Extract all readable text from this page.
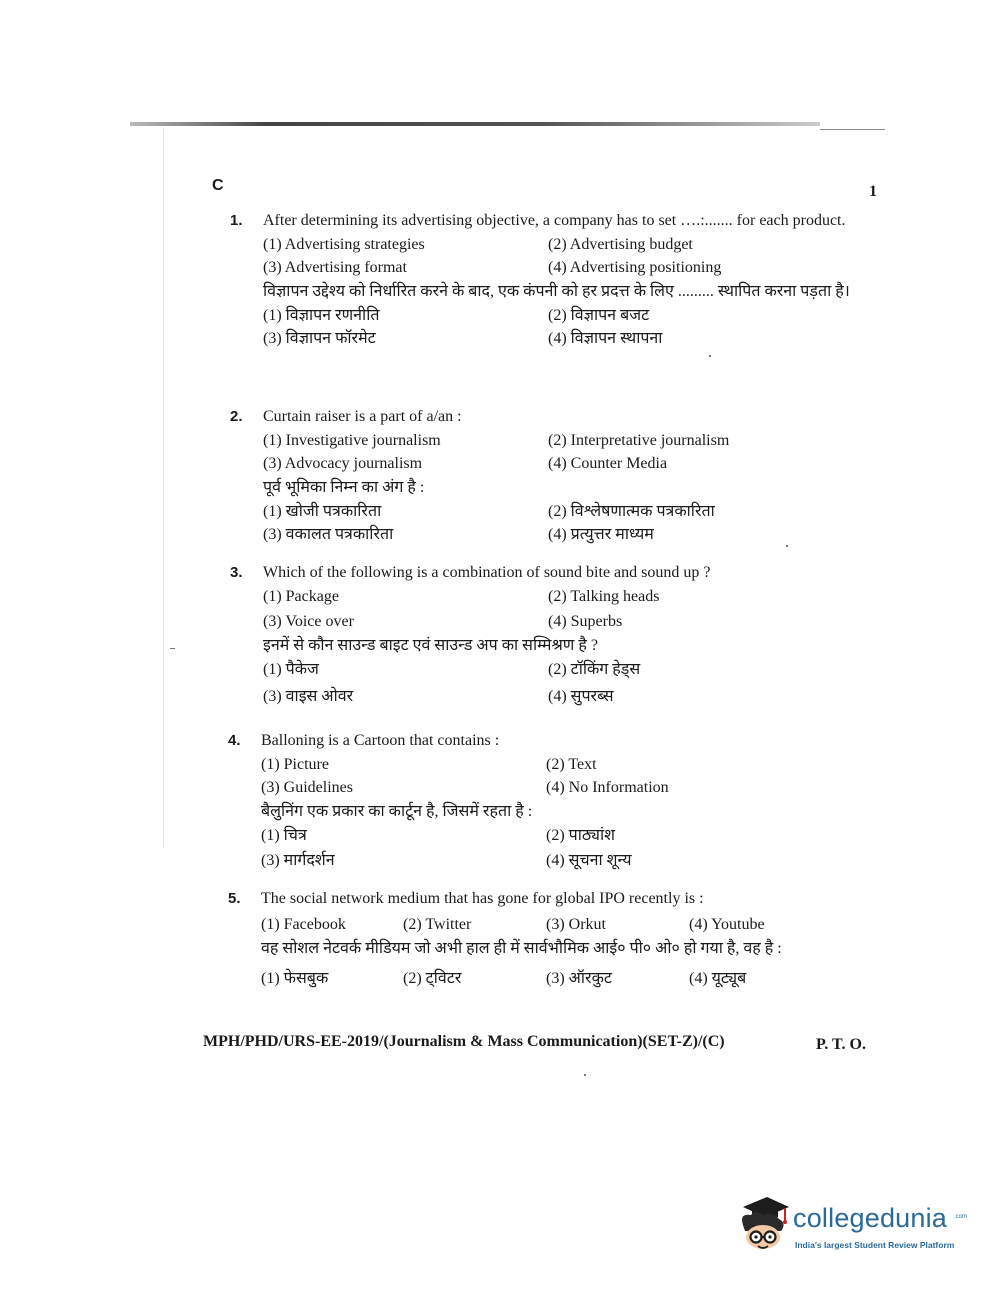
C	1
1.	After determining its advertising objective, a company has to set ….:....... for each product.
(1) Advertising strategies	(2) Advertising budget
(3) Advertising format	(4) Advertising positioning
विज्ञापन उद्देश्य को निर्धारित करने के बाद, एक कंपनी को हर प्रदत्त के लिए ......... स्थापित करना पड़ता है।
(1) विज्ञापन रणनीति	(2) विज्ञापन बजट
(3) विज्ञापन फॉरमेट	(4) विज्ञापन स्थापना
2.	Curtain raiser is a part of a/an :
(1) Investigative journalism	(2) Interpretative journalism
(3) Advocacy journalism	(4) Counter Media
पूर्व भूमिका निम्न का अंग है :
(1) खोजी पत्रकारिता	(2) विश्लेषणात्मक पत्रकारिता
(3) वकालत पत्रकारिता	(4) प्रत्युत्तर माध्यम
3.	Which of the following is a combination of sound bite and sound up ?
(1) Package	(2) Talking heads
(3) Voice over	(4) Superbs
इनमें से कौन साउन्ड बाइट एवं साउन्ड अप का सम्मिश्रण है ?
(1) पैकेज	(2) टॉकिंग हेड्स
(3) वाइस ओवर	(4) सुपरब्स
4.	Balloning is a Cartoon that contains :
(1) Picture	(2) Text
(3) Guidelines	(4) No Information
बैलुनिंग एक प्रकार का कार्टून है, जिसमें रहता है :
(1) चित्र	(2) पाठ्यांश
(3) मार्गदर्शन	(4) सूचना शून्य
5.	The social network medium that has gone for global IPO recently is :
(1) Facebook	(2) Twitter	(3) Orkut	(4) Youtube
वह सोशल नेटवर्क मीडियम जो अभी हाल ही में सार्वभौमिक आई० पी० ओ० हो गया है, वह है :
(1) फेसबुक	(2) ट्विटर	(3) ऑरकुट	(4) यूट्यूब
MPH/PHD/URS-EE-2019/(Journalism & Mass Communication)(SET-Z)/(C)	P. T. O.
collegedunia .com
India's largest Student Review Platform
